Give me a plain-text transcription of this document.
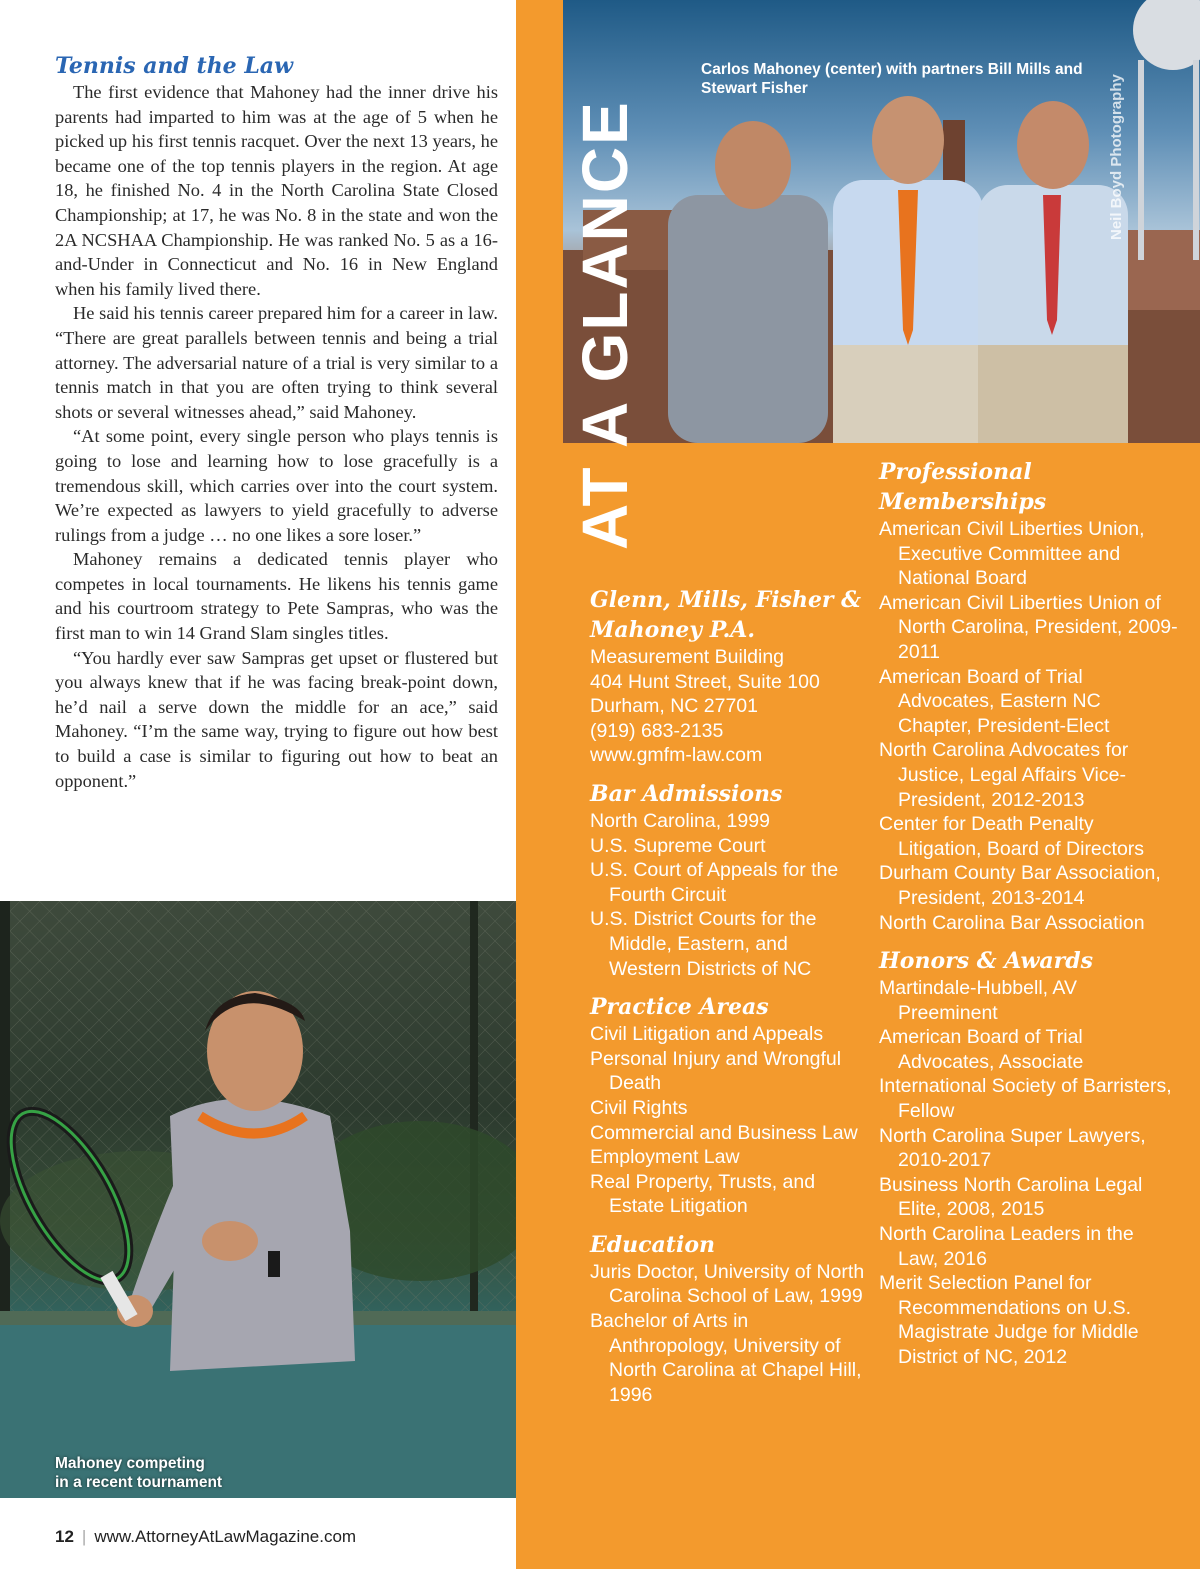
Tennis and the Law

The first evidence that Mahoney had the inner drive his parents had imparted to him was at the age of 5 when he picked up his first tennis racquet. Over the next 13 years, he became one of the top tennis players in the region. At age 18, he finished No. 4 in the North Carolina State Closed Championship; at 17, he was No. 8 in the state and won the 2A NCSHAA Championship. He was ranked No. 5 as a 16-and-Under in Connecticut and No. 16 in New England when his family lived there.

He said his tennis career prepared him for a career in law. “There are great parallels between tennis and being a trial attorney. The adversarial nature of a trial is very similar to a tennis match in that you are often trying to think several shots or several witnesses ahead,” said Mahoney.

“At some point, every single person who plays tennis is going to lose and learning how to lose gracefully is a tremendous skill, which carries over into the court system. We’re expected as lawyers to yield gracefully to adverse rulings from a judge … no one likes a sore loser.”

Mahoney remains a dedicated tennis player who competes in local tournaments. He likens his tennis game and his courtroom strategy to Pete Sampras, who was the first man to win 14 Grand Slam singles titles.

“You hardly ever saw Sampras get upset or flustered but you always knew that if he was facing break-point down, he’d nail a serve down the middle for an ace,” said Mahoney. “I’m the same way, trying to figure out how best to build a case is similar to figuring out how to beat an opponent.”

Mahoney competing
in a recent tournament
12 | www.AttorneyAtLawMagazine.com
Carlos Mahoney (center) with partners Bill Mills and Stewart Fisher	Neil Boyd Photography
AT A GLANCE
Glenn, Mills, Fisher & Mahoney P.A.
Measurement Building
404 Hunt Street, Suite 100
Durham, NC 27701
(919) 683-2135
www.gmfm-law.com
Bar Admissions
North Carolina, 1999
U.S. Supreme Court
U.S. Court of Appeals for the Fourth Circuit
U.S. District Courts for the Middle, Eastern, and Western Districts of NC
Practice Areas
Civil Litigation and Appeals
Personal Injury and Wrongful Death
Civil Rights
Commercial and Business Law
Employment Law
Real Property, Trusts, and Estate Litigation
Education
Juris Doctor, University of North Carolina School of Law, 1999
Bachelor of Arts in Anthropology, University of North Carolina at Chapel Hill, 1996
Professional
Memberships
American Civil Liberties Union, Executive Committee and National Board
American Civil Liberties Union of North Carolina, President, 2009-2011
American Board of Trial Advocates, Eastern NC Chapter, President-Elect
North Carolina Advocates for Justice, Legal Affairs Vice-President, 2012-2013
Center for Death Penalty Litigation, Board of Directors
Durham County Bar Association, President, 2013-2014
North Carolina Bar Association
Honors & Awards
Martindale-Hubbell, AV Preeminent
American Board of Trial Advocates, Associate
International Society of Barristers, Fellow
North Carolina Super Lawyers, 2010-2017
Business North Carolina Legal Elite, 2008, 2015
North Carolina Leaders in the Law, 2016
Merit Selection Panel for Recommendations on U.S. Magistrate Judge for Middle District of NC, 2012
